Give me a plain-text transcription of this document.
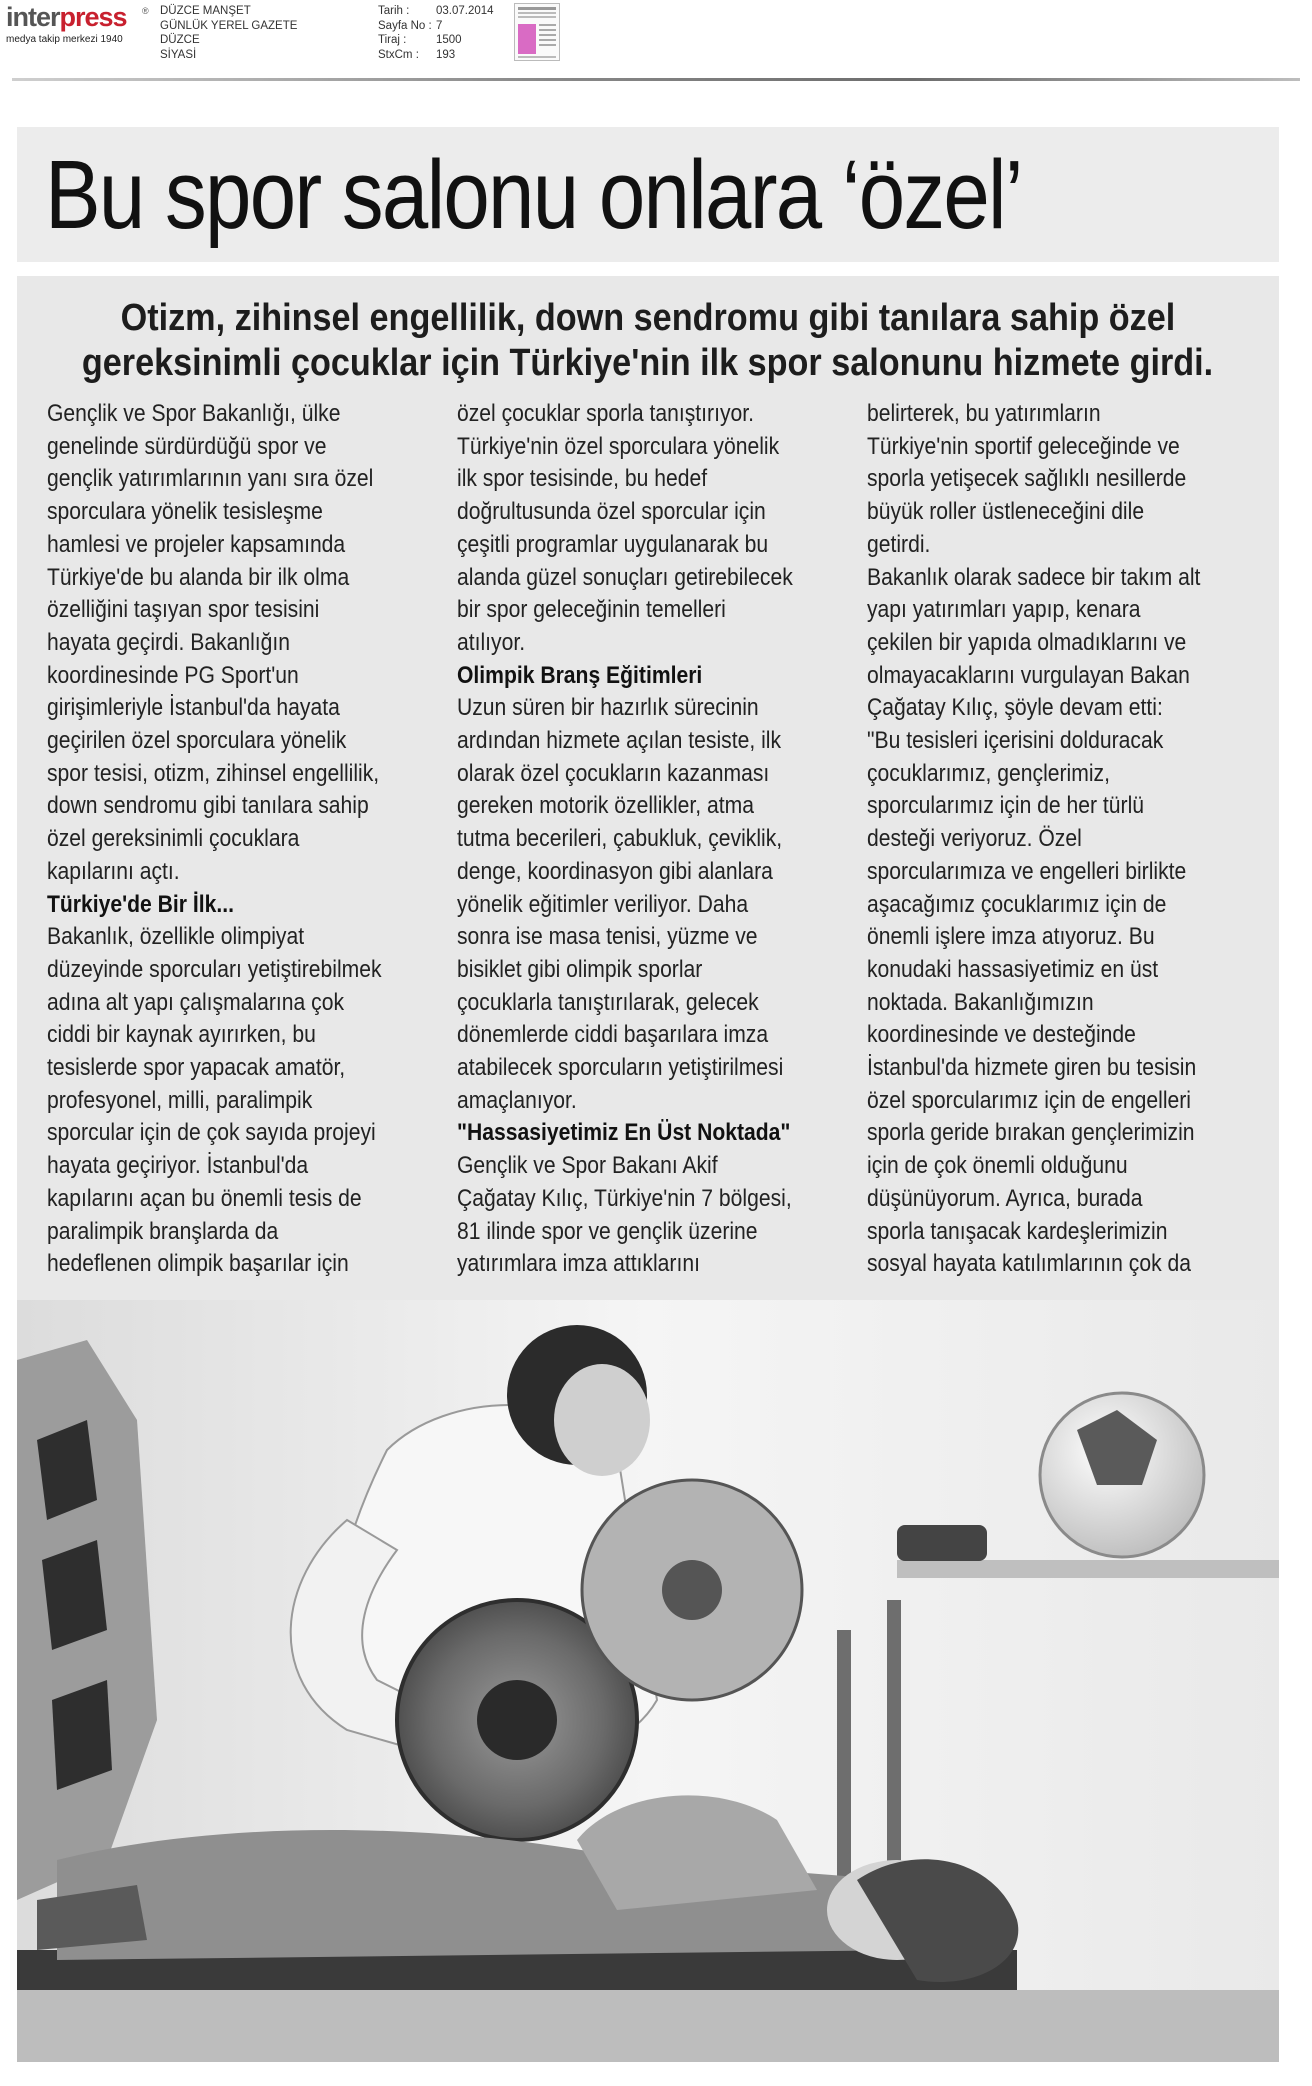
interpress	®
medya takip merkezi 1940
DÜZCE MANŞET
GÜNLÜK YEREL GAZETE
DÜZCE
SİYASİ
Tarih :	03.07.2014
Sayfa No : 7
Tiraj :	1500
StxCm :	193
Bu spor salonu onlara ‘özel’
Otizm, zihinsel engellilik, down sendromu gibi tanılara sahip özel
gereksinimli çocuklar için Türkiye'nin ilk spor salonunu hizmete girdi.
Gençlik ve Spor Bakanlığı, ülke
genelinde sürdürdüğü spor ve
gençlik yatırımlarının yanı sıra özel
sporculara yönelik tesisleşme
hamlesi ve projeler kapsamında
Türkiye'de bu alanda bir ilk olma
özelliğini taşıyan spor tesisini
hayata geçirdi. Bakanlığın
koordinesinde PG Sport'un
girişimleriyle İstanbul'da hayata
geçirilen özel sporculara yönelik
spor tesisi, otizm, zihinsel engellilik,
down sendromu gibi tanılara sahip
özel gereksinimli çocuklara
kapılarını açtı.
Türkiye'de Bir İlk...
Bakanlık, özellikle olimpiyat
düzeyinde sporcuları yetiştirebilmek
adına alt yapı çalışmalarına çok
ciddi bir kaynak ayırırken, bu
tesislerde spor yapacak amatör,
profesyonel, milli, paralimpik
sporcular için de çok sayıda projeyi
hayata geçiriyor. İstanbul'da
kapılarını açan bu önemli tesis de
paralimpik branşlarda da
hedeflenen olimpik başarılar için
özel çocuklar sporla tanıştırıyor.
Türkiye'nin özel sporculara yönelik
ilk spor tesisinde, bu hedef
doğrultusunda özel sporcular için
çeşitli programlar uygulanarak bu
alanda güzel sonuçları getirebilecek
bir spor geleceğinin temelleri
atılıyor.
Olimpik Branş Eğitimleri
Uzun süren bir hazırlık sürecinin
ardından hizmete açılan tesiste, ilk
olarak özel çocukların kazanması
gereken motorik özellikler, atma
tutma becerileri, çabukluk, çeviklik,
denge, koordinasyon gibi alanlara
yönelik eğitimler veriliyor. Daha
sonra ise masa tenisi, yüzme ve
bisiklet gibi olimpik sporlar
çocuklarla tanıştırılarak, gelecek
dönemlerde ciddi başarılara imza
atabilecek sporcuların yetiştirilmesi
amaçlanıyor.
"Hassasiyetimiz En Üst Noktada"
Gençlik ve Spor Bakanı Akif
Çağatay Kılıç, Türkiye'nin 7 bölgesi,
81 ilinde spor ve gençlik üzerine
yatırımlara imza attıklarını
belirterek, bu yatırımların
Türkiye'nin sportif geleceğinde ve
sporla yetişecek sağlıklı nesillerde
büyük roller üstleneceğini dile
getirdi.
Bakanlık olarak sadece bir takım alt
yapı yatırımları yapıp, kenara
çekilen bir yapıda olmadıklarını ve
olmayacaklarını vurgulayan Bakan
Çağatay Kılıç, şöyle devam etti:
"Bu tesisleri içerisini dolduracak
çocuklarımız, gençlerimiz,
sporcularımız için de her türlü
desteği veriyoruz. Özel
sporcularımıza ve engelleri birlikte
aşacağımız çocuklarımız için de
önemli işlere imza atıyoruz. Bu
konudaki hassasiyetimiz en üst
noktada. Bakanlığımızın
koordinesinde ve desteğinde
İstanbul'da hizmete giren bu tesisin
özel sporcularımız için de engelleri
sporla geride bırakan gençlerimizin
için de çok önemli olduğunu
düşünüyorum. Ayrıca, burada
sporla tanışacak kardeşlerimizin
sosyal hayata katılımlarının çok da
